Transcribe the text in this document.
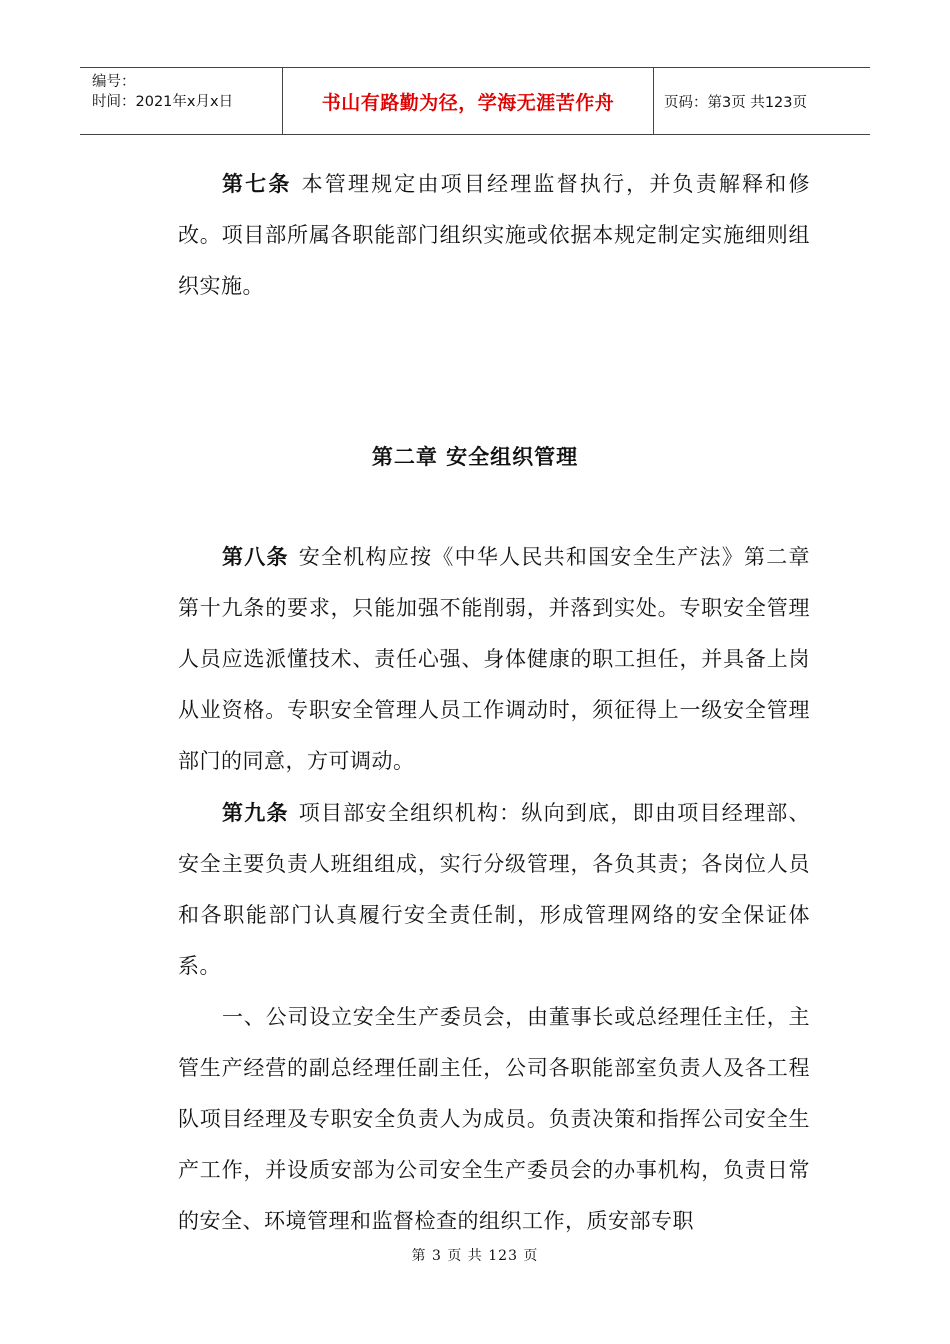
编号：
时间：2021年x月x日	书山有路勤为径，学海无涯苦作舟	页码：第3页 共123页

第七条 本管理规定由项目经理监督执行，并负责解释和修改。项目部所属各职能部门组织实施或依据本规定制定实施细则组织实施。

第二章 安全组织管理

第八条 安全机构应按《中华人民共和国安全生产法》第二章第十九条的要求，只能加强不能削弱，并落到实处。专职安全管理人员应选派懂技术、责任心强、身体健康的职工担任，并具备上岗从业资格。专职安全管理人员工作调动时，须征得上一级安全管理部门的同意，方可调动。

第九条 项目部安全组织机构：纵向到底，即由项目经理部、安全主要负责人班组组成，实行分级管理，各负其责；各岗位人员和各职能部门认真履行安全责任制，形成管理网络的安全保证体系。

一、公司设立安全生产委员会，由董事长或总经理任主任，主管生产经营的副总经理任副主任，公司各职能部室负责人及各工程队项目经理及专职安全负责人为成员。负责决策和指挥公司安全生产工作，并设质安部为公司安全生产委员会的办事机构，负责日常的安全、环境管理和监督检查的组织工作，质安部专职

第 3 页 共 123 页
